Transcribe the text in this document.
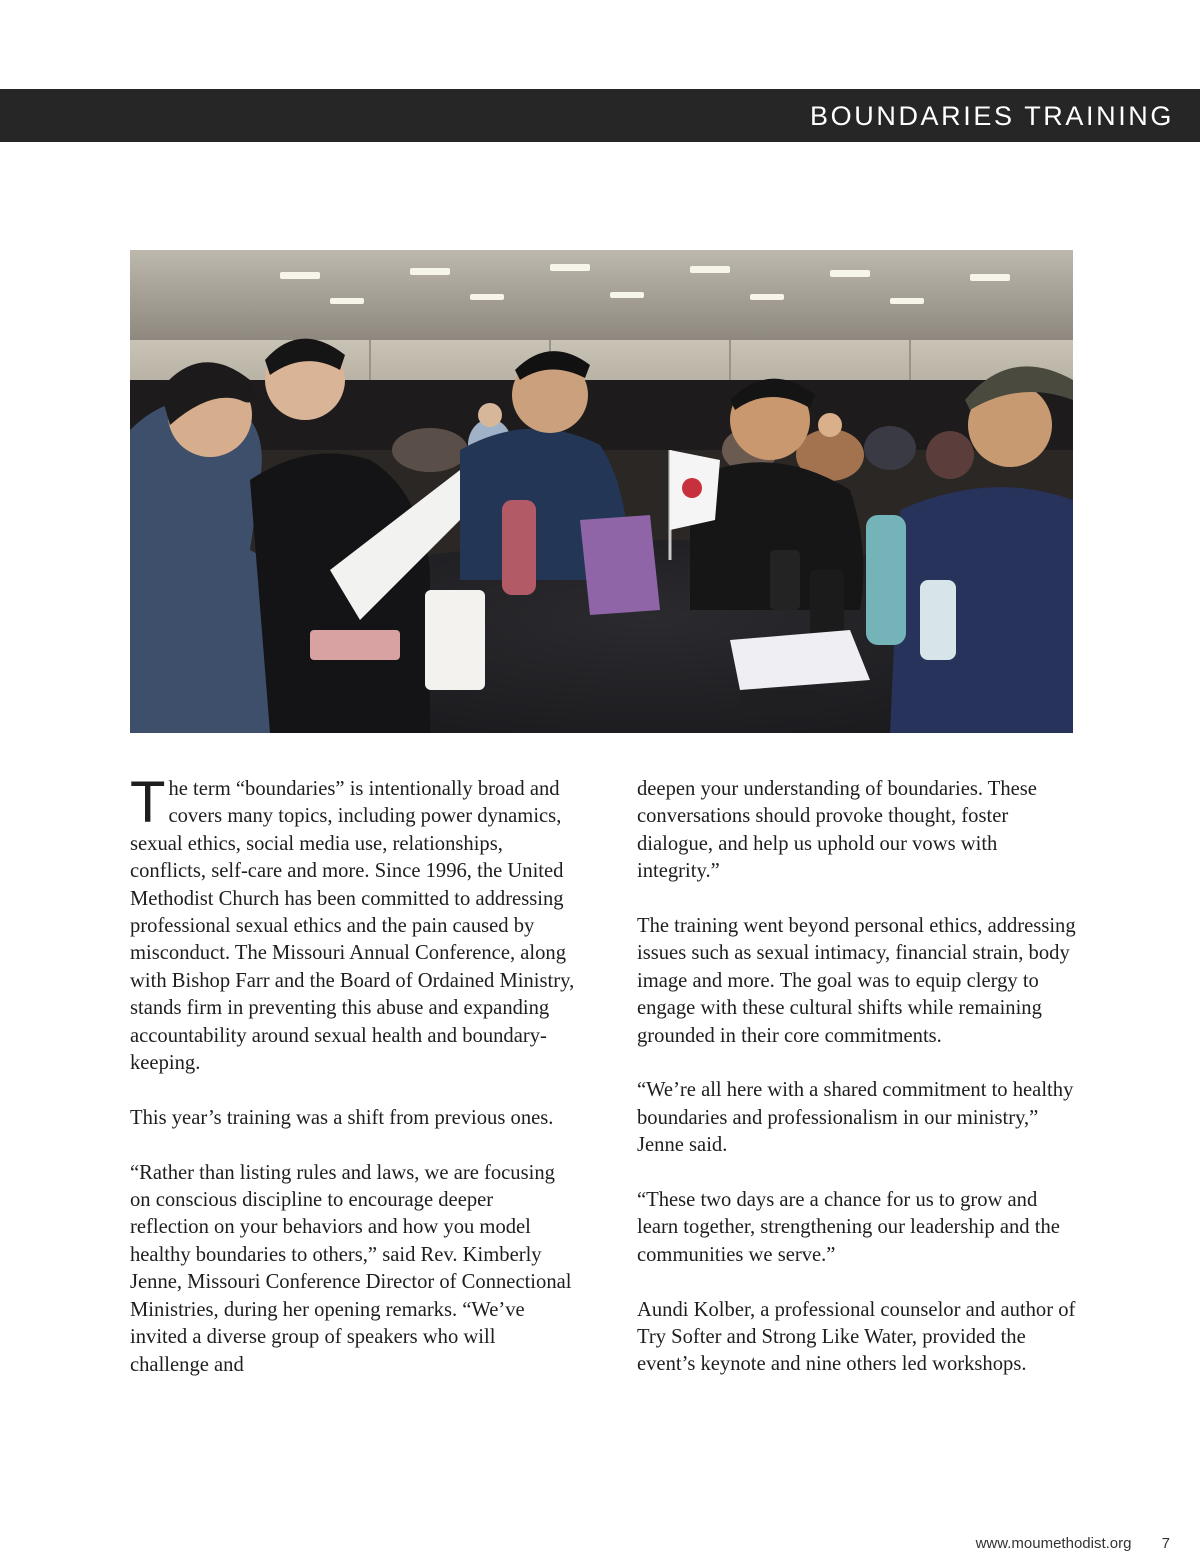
BOUNDARIES TRAINING

The term “boundaries” is intentionally broad and covers many topics, including power dynamics, sexual ethics, social media use, relationships, conflicts, self-care and more. Since 1996, the United Methodist Church has been committed to addressing professional sexual ethics and the pain caused by misconduct. The Missouri Annual Conference, along with Bishop Farr and the Board of Ordained Ministry, stands firm in preventing this abuse and expanding accountability around sexual health and boundary-keeping.

This year’s training was a shift from previous ones.

“Rather than listing rules and laws, we are focusing on conscious discipline to encourage deeper reflection on your behaviors and how you model healthy boundaries to others,” said Rev. Kimberly Jenne, Missouri Conference Director of Connectional Ministries, during her opening remarks. “We’ve invited a diverse group of speakers who will challenge and

deepen your understanding of boundaries. These conversations should provoke thought, foster dialogue, and help us uphold our vows with integrity.”

The training went beyond personal ethics, addressing issues such as sexual intimacy, financial strain, body image and more. The goal was to equip clergy to engage with these cultural shifts while remaining grounded in their core commitments.

“We’re all here with a shared commitment to healthy boundaries and professionalism in our ministry,” Jenne said.

“These two days are a chance for us to grow and learn together, strengthening our leadership and the communities we serve.”

Aundi Kolber, a professional counselor and author of Try Softer and Strong Like Water, provided the event’s keynote and nine others led workshops.

www.moumethodist.org 7
